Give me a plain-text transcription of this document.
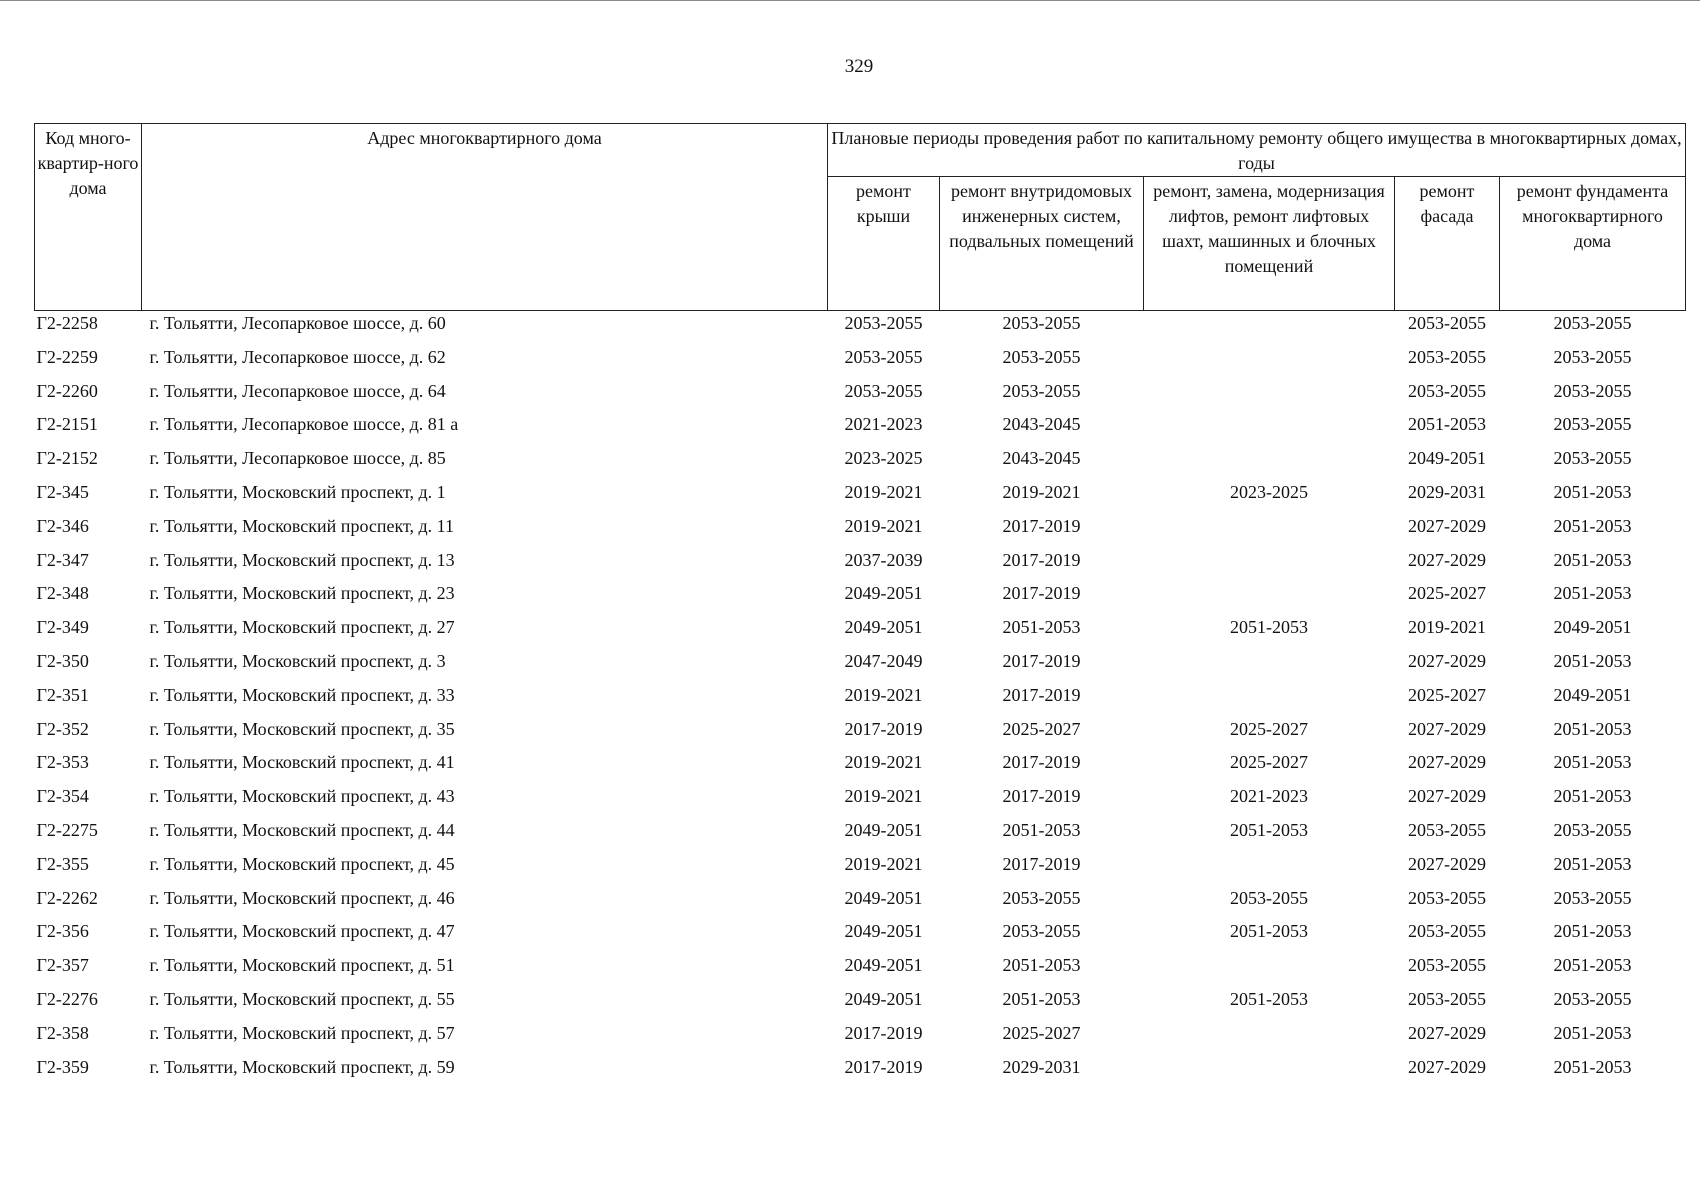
329
Код много-квартир-ного дома	Адрес многоквартирного дома	Плановые периоды проведения работ по капитальному ремонту общего имущества в многоквартирных домах, годы				
		ремонт крыши	ремонт внутридомовых инженерных систем, подвальных помещений	ремонт, замена, модернизация лифтов, ремонт лифтовых шахт, машинных и блочных помещений	ремонт фасада	ремонт фундамента многоквартирного дома
Г2-2258	г. Тольятти, Лесопарковое шоссе, д. 60	2053-2055	2053-2055		2053-2055	2053-2055
Г2-2259	г. Тольятти, Лесопарковое шоссе, д. 62	2053-2055	2053-2055		2053-2055	2053-2055
Г2-2260	г. Тольятти, Лесопарковое шоссе, д. 64	2053-2055	2053-2055		2053-2055	2053-2055
Г2-2151	г. Тольятти, Лесопарковое шоссе, д. 81 а	2021-2023	2043-2045		2051-2053	2053-2055
Г2-2152	г. Тольятти, Лесопарковое шоссе, д. 85	2023-2025	2043-2045		2049-2051	2053-2055
Г2-345	г. Тольятти, Московский проспект, д. 1	2019-2021	2019-2021	2023-2025	2029-2031	2051-2053
Г2-346	г. Тольятти, Московский проспект, д. 11	2019-2021	2017-2019		2027-2029	2051-2053
Г2-347	г. Тольятти, Московский проспект, д. 13	2037-2039	2017-2019		2027-2029	2051-2053
Г2-348	г. Тольятти, Московский проспект, д. 23	2049-2051	2017-2019		2025-2027	2051-2053
Г2-349	г. Тольятти, Московский проспект, д. 27	2049-2051	2051-2053	2051-2053	2019-2021	2049-2051
Г2-350	г. Тольятти, Московский проспект, д. 3	2047-2049	2017-2019		2027-2029	2051-2053
Г2-351	г. Тольятти, Московский проспект, д. 33	2019-2021	2017-2019		2025-2027	2049-2051
Г2-352	г. Тольятти, Московский проспект, д. 35	2017-2019	2025-2027	2025-2027	2027-2029	2051-2053
Г2-353	г. Тольятти, Московский проспект, д. 41	2019-2021	2017-2019	2025-2027	2027-2029	2051-2053
Г2-354	г. Тольятти, Московский проспект, д. 43	2019-2021	2017-2019	2021-2023	2027-2029	2051-2053
Г2-2275	г. Тольятти, Московский проспект, д. 44	2049-2051	2051-2053	2051-2053	2053-2055	2053-2055
Г2-355	г. Тольятти, Московский проспект, д. 45	2019-2021	2017-2019		2027-2029	2051-2053
Г2-2262	г. Тольятти, Московский проспект, д. 46	2049-2051	2053-2055	2053-2055	2053-2055	2053-2055
Г2-356	г. Тольятти, Московский проспект, д. 47	2049-2051	2053-2055	2051-2053	2053-2055	2051-2053
Г2-357	г. Тольятти, Московский проспект, д. 51	2049-2051	2051-2053		2053-2055	2051-2053
Г2-2276	г. Тольятти, Московский проспект, д. 55	2049-2051	2051-2053	2051-2053	2053-2055	2053-2055
Г2-358	г. Тольятти, Московский проспект, д. 57	2017-2019	2025-2027		2027-2029	2051-2053
Г2-359	г. Тольятти, Московский проспект, д. 59	2017-2019	2029-2031		2027-2029	2051-2053
